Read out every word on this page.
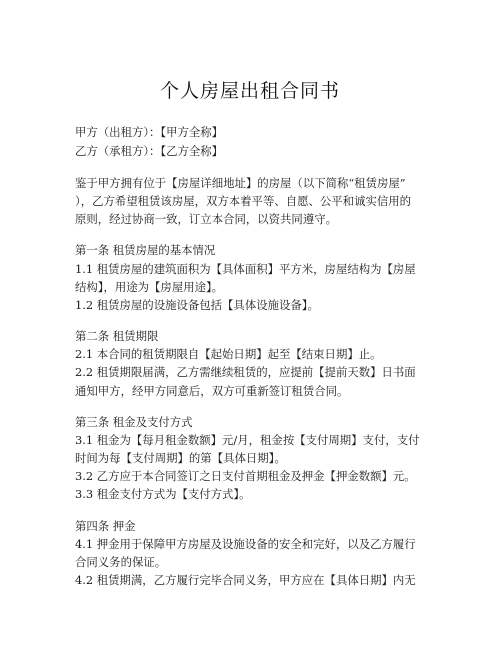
个人房屋出租合同书
甲方（出租方）：【甲方全称】
乙方（承租方）：【乙方全称】
鉴于甲方拥有位于【房屋详细地址】的房屋（以下简称“租赁房屋”
），乙方希望租赁该房屋，双方本着平等、自愿、公平和诚实信用的
原则，经过协商一致，订立本合同，以资共同遵守。
第一条 租赁房屋的基本情况
1.1 租赁房屋的建筑面积为【具体面积】平方米，房屋结构为【房屋
结构】，用途为【房屋用途】。
1.2 租赁房屋的设施设备包括【具体设施设备】。
第二条 租赁期限
2.1 本合同的租赁期限自【起始日期】起至【结束日期】止。
2.2 租赁期限届满，乙方需继续租赁的，应提前【提前天数】日书面
通知甲方，经甲方同意后，双方可重新签订租赁合同。
第三条 租金及支付方式
3.1 租金为【每月租金数额】元/月，租金按【支付周期】支付，支付
时间为每【支付周期】的第【具体日期】。
3.2 乙方应于本合同签订之日支付首期租金及押金【押金数额】元。
3.3 租金支付方式为【支付方式】。
第四条 押金
4.1 押金用于保障甲方房屋及设施设备的安全和完好，以及乙方履行
合同义务的保证。
4.2 租赁期满，乙方履行完毕合同义务，甲方应在【具体日期】内无
